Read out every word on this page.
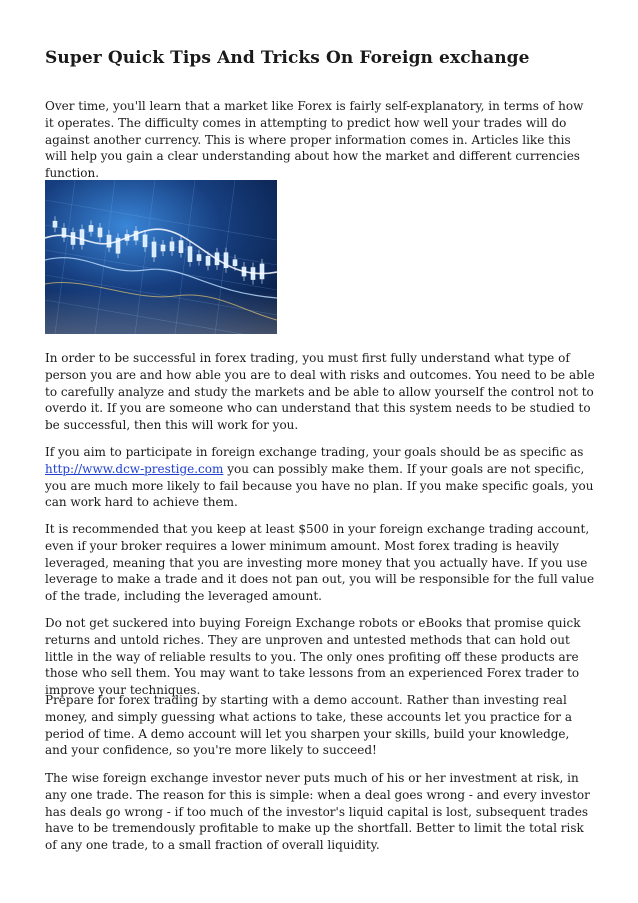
Super Quick Tips And Tricks On Foreign exchange

Over time, you'll learn that a market like Forex is fairly self-explanatory, in terms of how it operates. The difficulty comes in attempting to predict how well your trades will do against another currency. This is where proper information comes in. Articles like this will help you gain a clear understanding about how the market and different currencies function.

In order to be successful in forex trading, you must first fully understand what type of person you are and how able you are to deal with risks and outcomes. You need to be able to carefully analyze and study the markets and be able to allow yourself the control not to overdo it. If you are someone who can understand that this system needs to be studied to be successful, then this will work for you.

If you aim to participate in foreign exchange trading, your goals should be as specific as http://www.dcw-prestige.com you can possibly make them. If your goals are not specific, you are much more likely to fail because you have no plan. If you make specific goals, you can work hard to achieve them.

It is recommended that you keep at least $500 in your foreign exchange trading account, even if your broker requires a lower minimum amount. Most forex trading is heavily leveraged, meaning that you are investing more money that you actually have. If you use leverage to make a trade and it does not pan out, you will be responsible for the full value of the trade, including the leveraged amount.

Do not get suckered into buying Foreign Exchange robots or eBooks that promise quick returns and untold riches. They are unproven and untested methods that can hold out little in the way of reliable results to you. The only ones profiting off these products are those who sell them. You may want to take lessons from an experienced Forex trader to improve your techniques.

Prepare for forex trading by starting with a demo account. Rather than investing real money, and simply guessing what actions to take, these accounts let you practice for a period of time. A demo account will let you sharpen your skills, build your knowledge, and your confidence, so you're more likely to succeed!

The wise foreign exchange investor never puts much of his or her investment at risk, in any one trade. The reason for this is simple: when a deal goes wrong - and every investor has deals go wrong - if too much of the investor's liquid capital is lost, subsequent trades have to be tremendously profitable to make up the shortfall. Better to limit the total risk of any one trade, to a small fraction of overall liquidity.
